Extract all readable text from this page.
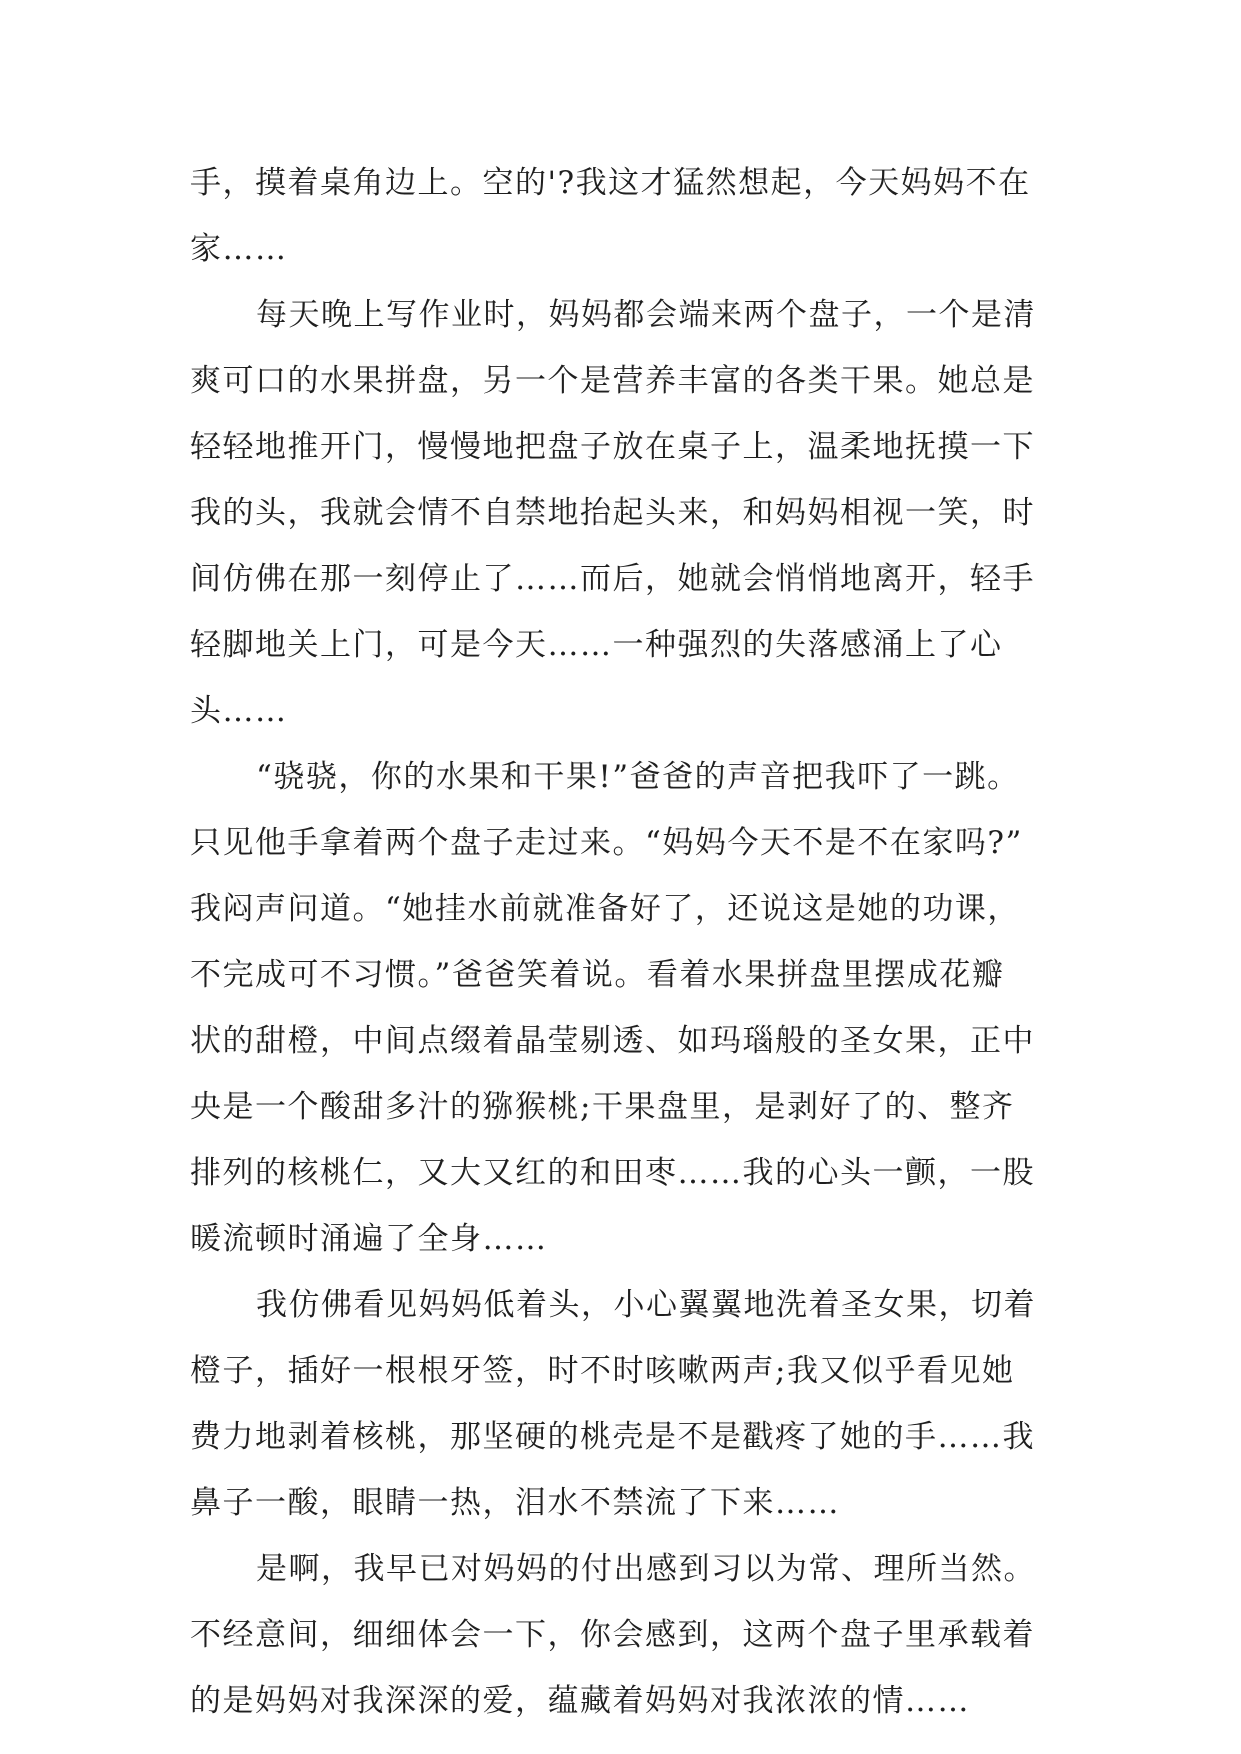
手，摸着桌角边上。空的'?我这才猛然想起，今天妈妈不在
家……
每天晚上写作业时，妈妈都会端来两个盘子，一个是清
爽可口的水果拼盘，另一个是营养丰富的各类干果。她总是
轻轻地推开门，慢慢地把盘子放在桌子上，温柔地抚摸一下
我的头，我就会情不自禁地抬起头来，和妈妈相视一笑，时
间仿佛在那一刻停止了……而后，她就会悄悄地离开，轻手
轻脚地关上门，可是今天……一种强烈的失落感涌上了心
头……
“骁骁，你的水果和干果!”爸爸的声音把我吓了一跳。
只见他手拿着两个盘子走过来。“妈妈今天不是不在家吗?”
我闷声问道。“她挂水前就准备好了，还说这是她的功课，
不完成可不习惯。”爸爸笑着说。看着水果拼盘里摆成花瓣
状的甜橙，中间点缀着晶莹剔透、如玛瑙般的圣女果，正中
央是一个酸甜多汁的猕猴桃;干果盘里，是剥好了的、整齐
排列的核桃仁，又大又红的和田枣……我的心头一颤，一股
暖流顿时涌遍了全身……
我仿佛看见妈妈低着头，小心翼翼地洗着圣女果，切着
橙子，插好一根根牙签，时不时咳嗽两声;我又似乎看见她
费力地剥着核桃，那坚硬的桃壳是不是戳疼了她的手……我
鼻子一酸，眼睛一热，泪水不禁流了下来……
是啊，我早已对妈妈的付出感到习以为常、理所当然。
不经意间，细细体会一下，你会感到，这两个盘子里承载着
的是妈妈对我深深的爱，蕴藏着妈妈对我浓浓的情……
